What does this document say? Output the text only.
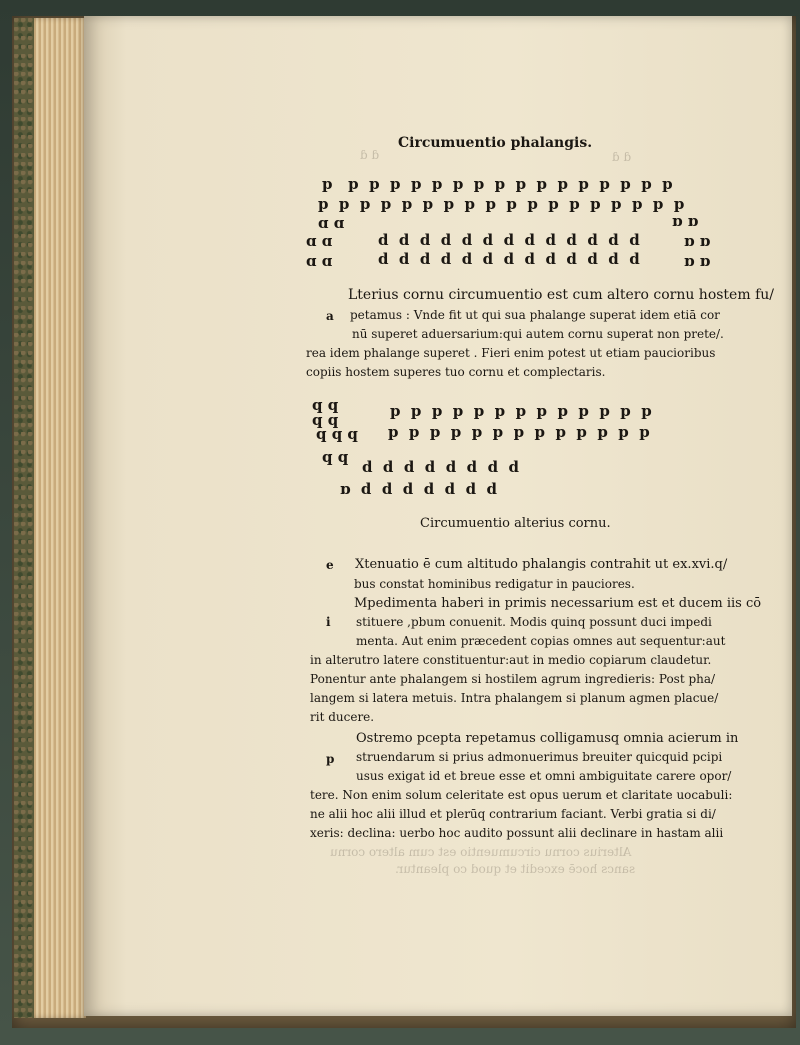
ɓ ɓ	ɓ ɓ
Circumuentio phalangis.
p   p  p  p  p  p  p  p  p  p  p  p  p  p  p  p  p
p  p  p  p  p  p  p  p  p  p  p  p  p  p  p  p  p  p
ɑ ɑ	ɒ ɒ
ɑ ɑ	d  d  d  d  d  d  d  d  d  d  d  d  d	ɒ ɒ
ɑ ɑ	d  d  d  d  d  d  d  d  d  d  d  d  d	ɒ ɒ
Lterius cornu circumuentio est cum altero cornu hostem fu/
a petamus : Vnde fit ut qui sua phalange superat idem etiā cor
nū superet aduersarium:qui autem cornu superat non prete/.
rea idem phalange superet . Fieri enim potest ut etiam paucioribus
copiis hostem superes tuo cornu et complectaris.
q q
q q	p  p  p  p  p  p  p  p  p  p  p  p  p
p  p  p  p  p  p  p  p  p  p  p  p  p
q q q
q q
d  d  d  d  d  d  d  d
ɒ  d  d  d  d  d  d  d
Circumuentio alterius cornu.
e Xtenuatio ē cum altitudo phalangis contrahit ut ex.xvi.q/
bus constat hominibus redigatur in pauciores.
Mpedimenta haberi in primis necessarium est et ducem iis cō
i stituere ,pbum conuenit. Modis quinq possunt duci impedi
menta. Aut enim præcedent copias omnes aut sequentur:aut
in alterutro latere constituentur:aut in medio copiarum claudetur.
Ponentur ante phalangem si hostilem agrum ingredieris: Post pha/
langem si latera metuis. Intra phalangem si planum agmen placue/
rit ducere.
Ostremo pcepta repetamus colligamusq omnia acierum in
p struendarum si prius admonuerimus breuiter quicquid pcipi
usus exigat id et breue esse et omni ambiguitate carere opor/
tere. Non enim solum celeritate est opus uerum et claritate uocabuli:
ne alii hoc alii illud et plerūq contrarium faciant. Verbi gratia si di/
xeris: declina: uerbo hoc audito possunt alii declinare in hastam alii
Alterius cornu circumuentio est cum altero cornu
sancs hocē excedit et quod co pleantur.
